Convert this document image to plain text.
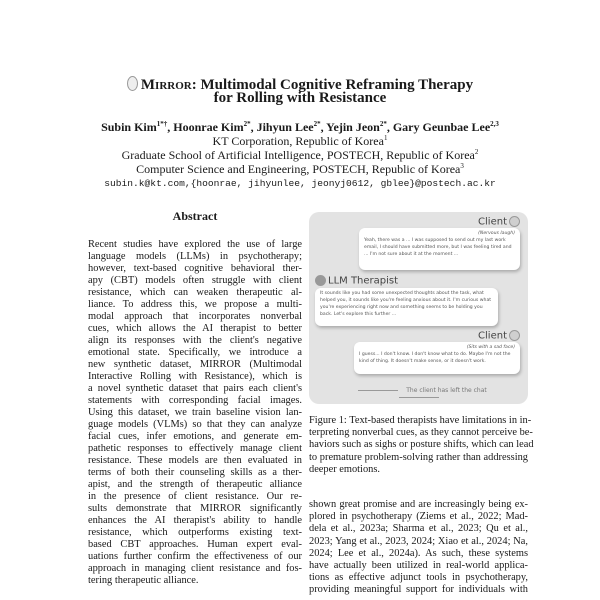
Mirror: Multimodal Cognitive Reframing Therapy
for Rolling with Resistance
Subin Kim$^{1*\dagger}$, Hoonrae Kim$^{2*}$, Jihyun Lee$^{2*}$, Yejin Jeon$^{2*}$, Gary Geunbae Lee$^{2,3}$
KT Corporation, Republic of Korea$^1$
Graduate School of Artificial Intelligence, POSTECH, Republic of Korea$^2$
Computer Science and Engineering, POSTECH, Republic of Korea$^3$
subin.k@kt.com,{hoonrae, jihyunlee, jeonyj0612, gblee}@postech.ac.kr
Abstract
Recent studies have explored the use of large
language models (LLMs) in psychotherapy;
however, text-based cognitive behavioral ther-
apy (CBT) models often struggle with client
resistance, which can weaken therapeutic al-
liance. To address this, we propose a multi-
modal approach that incorporates nonverbal
cues, which allows the AI therapist to better
align its responses with the client's negative
emotional state. Specifically, we introduce a
new synthetic dataset, MIRROR (Multimodal
Interactive Rolling with Resistance), which is
a novel synthetic dataset that pairs each client's
statements with corresponding facial images.
Using this dataset, we train baseline vision lan-
guage models (VLMs) so that they can analyze
facial cues, infer emotions, and generate em-
pathetic responses to effectively manage client
resistance. These models are then evaluated in
terms of both their counseling skills as a ther-
apist, and the strength of therapeutic alliance
in the presence of client resistance. Our re-
sults demonstrate that MIRROR significantly
enhances the AI therapist's ability to handle
resistance, which outperforms existing text-
based CBT approaches. Human expert eval-
uations further confirm the effectiveness of our
approach in managing client resistance and fos-
tering therapeutic alliance.
Client
(Nervous laugh)
Yeah, there was a ... I was supposed to send out my last work email, I should have submitted more, but I was feeling tired and ... I'm not sure about it at the moment ...
LLM Therapist
It sounds like you had some unexpected thoughts about the task, what helped you, it sounds like you're feeling anxious about it. I'm curious what you're experiencing right now and something seems to be holding you back. Let's explore this further ...
Client
(Sits with a sad face)
I guess... I don't know. I don't know what to do. Maybe I'm not the kind of thing. It doesn't make sense, or it doesn't work.
The client has left the chat
Figure 1: Text-based therapists have limitations in in-
terpreting nonverbal cues, as they cannot perceive be-
haviors such as sighs or posture shifts, which can lead
to premature problem-solving rather than addressing
deeper emotions.
shown great promise and are increasingly being ex-
plored in psychotherapy (Ziems et al., 2022; Mad-
dela et al., 2023a; Sharma et al., 2023; Qu et al.,
2023; Yang et al., 2023, 2024; Xiao et al., 2024; Na,
2024; Lee et al., 2024a). As such, these systems
have actually been utilized in real-world applica-
tions as effective adjunct tools in psychotherapy,
providing meaningful support for individuals with
